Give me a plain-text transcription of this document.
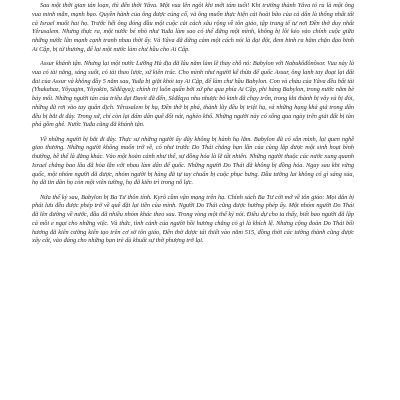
Sau một thời gian tản loạn, thì đến thời Yâva. Một vua lên ngôi khi mới tám tuổi! Khi trưởng thành Yâva tỏ ra là một ông vua minh mẫn, mạnh bạo. Quyền hành của ông được củng cố, và ông muốn thực hiện cải hoài bão của cả dân là thống nhất tất cả Israel muốt hai họ. Trước hết ông đóng đầu một cuộc cải cách sâu rộng về tôn giáo, tập trung tế tự nơi Đền thờ duy nhất Yêrusalem. Nhưng thực ra, một nước bé nhỏ như Yuđa làm sao có thể đứng một mình, không bị lôi kéo vào chính cuộc giữa những nước lân mạnh cạnh tranh nhau thời ấy. Và Yâva đã đứng cảm một cách nói là đại đột, đem binh ra hãm chặn đạo binh Ai Cập, bị tử thương, để lại một nước làm chư hầu cho Ai Cập.

Assur khánh tận. Nhưng lại một nước Lưỡng Hà địa đã lâu năm làm lẽ thay chỗ nó: Babylon với Nabukôđônôsor. Vua này là vua có tài năng, sáng suốt, có tài thao lược, sứ kiên trúc. Cho mình như người kế thừa đế quốc Assur, ông lanh tay đoạt lại đất đai của Assur và không đầy 5 năm sau, Yuđa bị giặt khỏi tay Ai Cập, để làm chư hầu Babylon. Con và cháu của Yâva đều bất tài (Yhakahaz, Yôyaqim, Yôyakin, Sêđêqya); chính trị luôn quấn bởi xứ phe qua phía Ai Cập, phi hàng Babylon, trong nước năm bè bảy mối. Những người tán của triều đại Đavít đã đến, Sêđêqya nhu nhược bỏ kinh đã chạy trốn, trong khi thành bị vây và bị đói, những đã rơi vào tay quân địch. Yêrusalem bị hạ, Đền thờ bị phá, thành lũy đều bị triệt hạ, và những hạng khá giả trong dân đều bị bắt đi đày. Trong xứ, chỉ còn lại đám dân quê đốt nát, nghèo khổ. Những người này có sống qua ngày trên giải đất bị tàn phá gồm ghê. Nước Yuđa cũng đã khánh tận.

Về những người bị bắt đi đày. Thực sự những người ấy đây không bị hành hạ lắm. Babylon đã có sẵn mình, lại quen nghề giao thương. Những người không muốn trở về, có như trước Do Thái chẳng hạn lần của cùng lập được một sinh hoạt bình thường, bề thế là đằng khác. Vào một hoàn cảnh như thế, sự đồng hóa là lẽ tất nhiên. Những người thuộc các nước xung quanh Israel chẳng bao lâu đã hòa lẫn với nhau làm dân đế quốc. Những người Do Thái đã không bị đồng hóa. Ngay sau khi vừng quốc, một nhóm người đã được, nhóm người bị hàng đã tự tay chuẩn bị cuộc phục hưng. Dầu tưởng lai không có gì sáng sủa, họ dã tin dân họ còn một viên tường, họ đã kiên trì trong nỗ lực.

Nửa thế kỷ sau, Babylon bị Ba Tư thôn tính. Kyrô cầm vận mạng trên hạ. Chính sách Ba Tư cởi mở về tôn giáo: Mọi dân bị phát lưu đều được phép trở về quê đặt lại tiền của mình. Người Do Thái cũng được hưởng phép ấy. Một nhóm người Do Thái đã lên đường về nước, đầu đã nhiều nhóm khác theo sau. Trong vòng một thế kỷ nói. Điều dự cho ta thấy, biết bao người đã lập cả mồi e ngại cho những việc. Và thức, tình cảnh của người hồi hương chẳng có gì là khích lệ. Nhưng cộng đoàn Do Thái bối hương đã kiên cường kiến tạo trên cơ sở tôn giáo, Đền thờ được tái thiết vào năm 515, đồng thời các tường thành cũng được xây cất, vào đáng cho những bạn trẻ dù khuất sự thờ phượng trở lại.
